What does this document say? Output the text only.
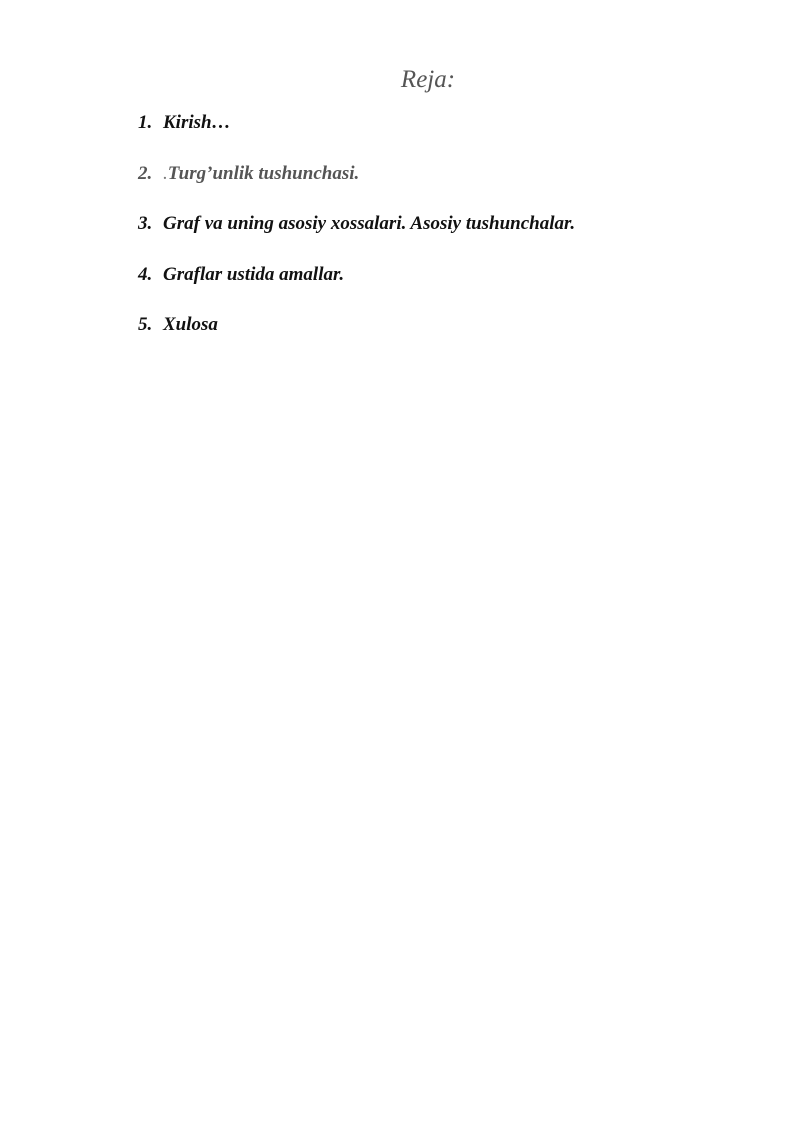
Reja:
1. Kirish…
2. .Turg’unlik tushunchasi.
3. Graf va uning asosiy xossalari. Asosiy tushunchalar.
4. Graflar ustida amallar.
5. Xulosa
